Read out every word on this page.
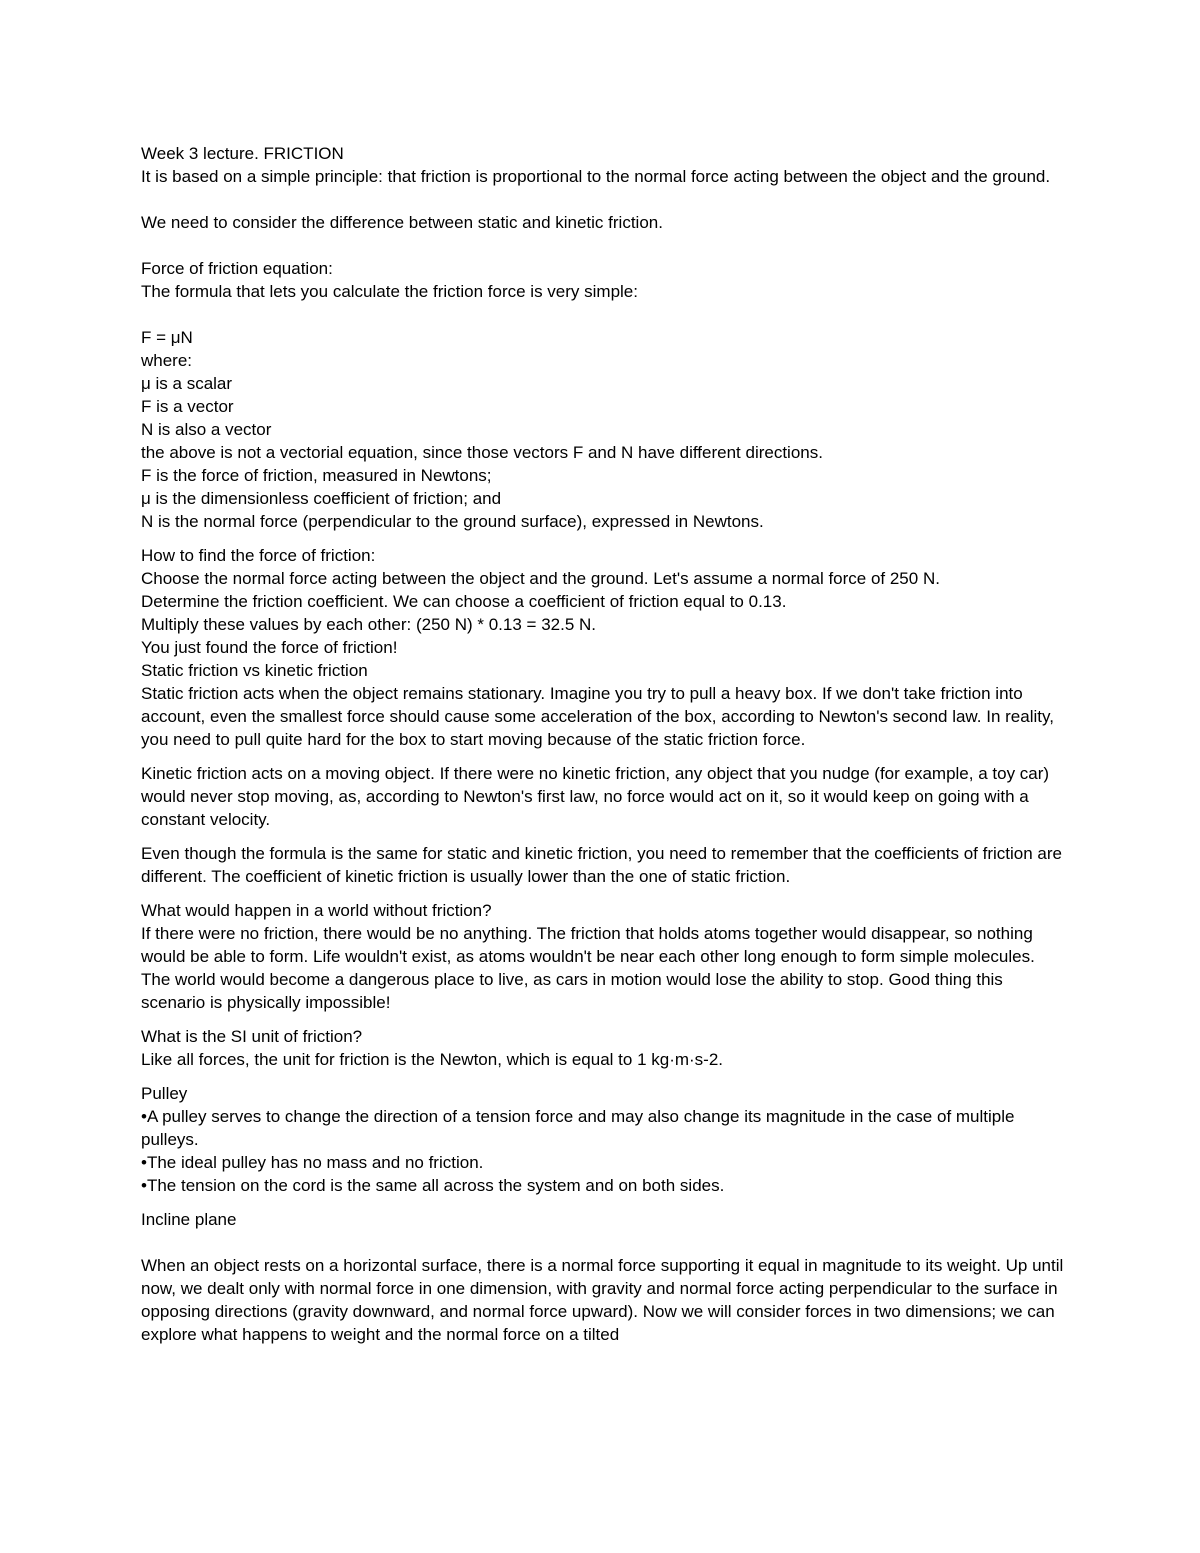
Week 3 lecture. FRICTION

It is based on a simple principle: that friction is proportional to the normal force acting between the object and the ground.

We need to consider the difference between static and kinetic friction.

Force of friction equation:

The formula that lets you calculate the friction force is very simple:

F = μN

where:

μ is a scalar

F is a vector

N is also a vector

the above is not a vectorial equation, since those vectors F and N have different directions.

F is the force of friction, measured in Newtons;

μ is the dimensionless coefficient of friction; and

N is the normal force (perpendicular to the ground surface), expressed in Newtons.

How to find the force of friction:

Choose the normal force acting between the object and the ground. Let's assume a normal force of 250 N.

Determine the friction coefficient. We can choose a coefficient of friction equal to 0.13.

Multiply these values by each other: (250 N) * 0.13 = 32.5 N.

You just found the force of friction!

Static friction vs kinetic friction

Static friction acts when the object remains stationary. Imagine you try to pull a heavy box. If we don't take friction into account, even the smallest force should cause some acceleration of the box, according to Newton's second law. In reality, you need to pull quite hard for the box to start moving because of the static friction force.

Kinetic friction acts on a moving object. If there were no kinetic friction, any object that you nudge (for example, a toy car) would never stop moving, as, according to Newton's first law, no force would act on it, so it would keep on going with a constant velocity.

Even though the formula is the same for static and kinetic friction, you need to remember that the coefficients of friction are different. The coefficient of kinetic friction is usually lower than the one of static friction.

What would happen in a world without friction?

If there were no friction, there would be no anything. The friction that holds atoms together would disappear, so nothing would be able to form. Life wouldn't exist, as atoms wouldn't be near each other long enough to form simple molecules. The world would become a dangerous place to live, as cars in motion would lose the ability to stop. Good thing this scenario is physically impossible!

What is the SI unit of friction?

Like all forces, the unit for friction is the Newton, which is equal to 1 kg·m·s-2.

Pulley

•A pulley serves to change the direction of a tension force and may also change its magnitude in the case of multiple pulleys.

•The ideal pulley has no mass and no friction.

•The tension on the cord is the same all across the system and on both sides.

Incline plane

When an object rests on a horizontal surface, there is a normal force supporting it equal in magnitude to its weight. Up until now, we dealt only with normal force in one dimension, with gravity and normal force acting perpendicular to the surface in opposing directions (gravity downward, and normal force upward). Now we will consider forces in two dimensions; we can explore what happens to weight and the normal force on a tilted
